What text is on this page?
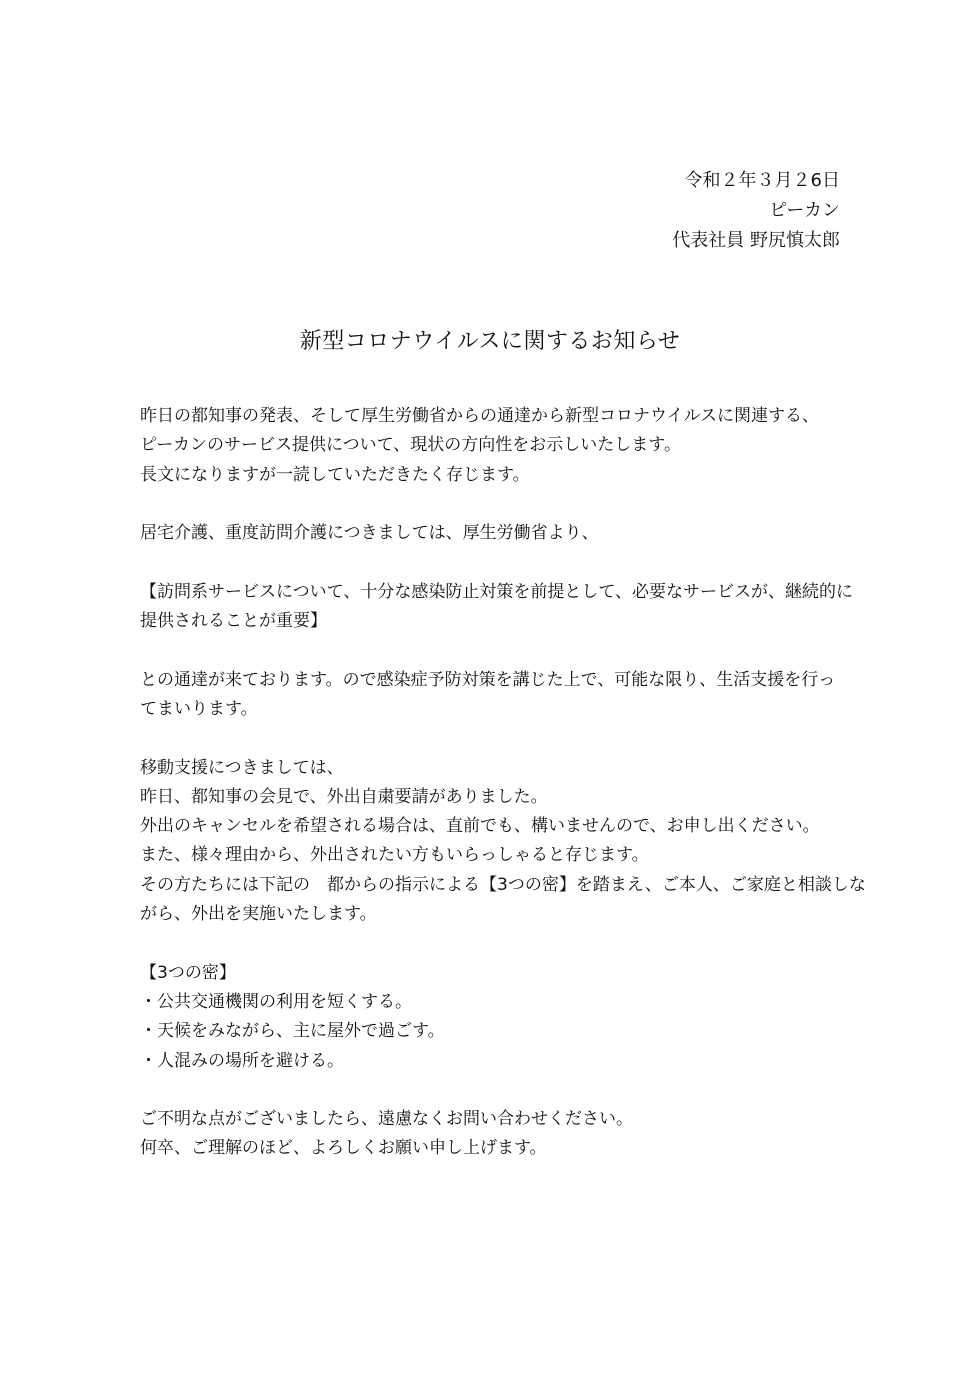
令和２年３月２6日
ピーカン
代表社員 野尻慎太郎
新型コロナウイルスに関するお知らせ
昨日の都知事の発表、そして厚生労働省からの通達から新型コロナウイルスに関連する、
ピーカンのサービス提供について、現状の方向性をお示しいたします。
長文になりますが一読していただきたく存じます。
居宅介護、重度訪問介護につきましては、厚生労働省より、
【訪問系サービスについて、十分な感染防止対策を前提として、必要なサービスが、継続的に
提供されることが重要】
との通達が来ております。ので感染症予防対策を講じた上で、可能な限り、生活支援を行っ
てまいります。
移動支援につきましては、
昨日、都知事の会見で、外出自粛要請がありました。
外出のキャンセルを希望される場合は、直前でも、構いませんので、お申し出ください。
また、様々理由から、外出されたい方もいらっしゃると存じます。
その方たちには下記の　都からの指示による【3つの密】を踏まえ、ご本人、ご家庭と相談しな
がら、外出を実施いたします。
【3つの密】
・公共交通機関の利用を短くする。
・天候をみながら、主に屋外で過ごす。
・人混みの場所を避ける。
ご不明な点がございましたら、遠慮なくお問い合わせください。
何卒、ご理解のほど、よろしくお願い申し上げます。
